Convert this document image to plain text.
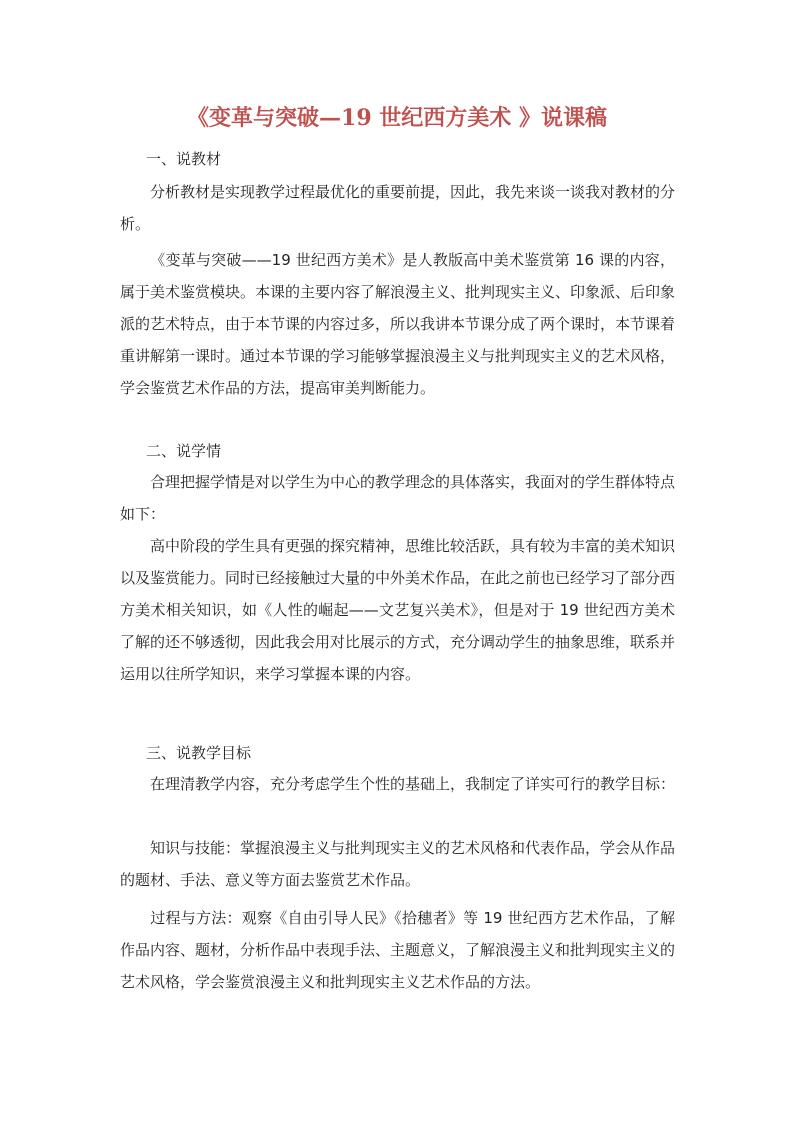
《变革与突破—19 世纪西方美术 》说课稿
一、说教材
分析教材是实现教学过程最优化的重要前提，因此，我先来谈一谈我对教材的分析。
《变革与突破——19 世纪西方美术》是人教版高中美术鉴赏第 16 课的内容，属于美术鉴赏模块。本课的主要内容了解浪漫主义、批判现实主义、印象派、后印象派的艺术特点，由于本节课的内容过多，所以我讲本节课分成了两个课时，本节课着重讲解第一课时。通过本节课的学习能够掌握浪漫主义与批判现实主义的艺术风格，学会鉴赏艺术作品的方法，提高审美判断能力。
二、说学情
合理把握学情是对以学生为中心的教学理念的具体落实，我面对的学生群体特点如下：
高中阶段的学生具有更强的探究精神，思维比较活跃，具有较为丰富的美术知识以及鉴赏能力。同时已经接触过大量的中外美术作品，在此之前也已经学习了部分西方美术相关知识，如《人性的崛起——文艺复兴美术》，但是对于 19 世纪西方美术了解的还不够透彻，因此我会用对比展示的方式，充分调动学生的抽象思维，联系并运用以往所学知识，来学习掌握本课的内容。
三、说教学目标
在理清教学内容，充分考虑学生个性的基础上，我制定了详实可行的教学目标：
知识与技能：掌握浪漫主义与批判现实主义的艺术风格和代表作品，学会从作品的题材、手法、意义等方面去鉴赏艺术作品。
过程与方法：观察《自由引导人民》《拾穗者》等 19 世纪西方艺术作品，了解作品内容、题材，分析作品中表现手法、主题意义，了解浪漫主义和批判现实主义的艺术风格，学会鉴赏浪漫主义和批判现实主义艺术作品的方法。
